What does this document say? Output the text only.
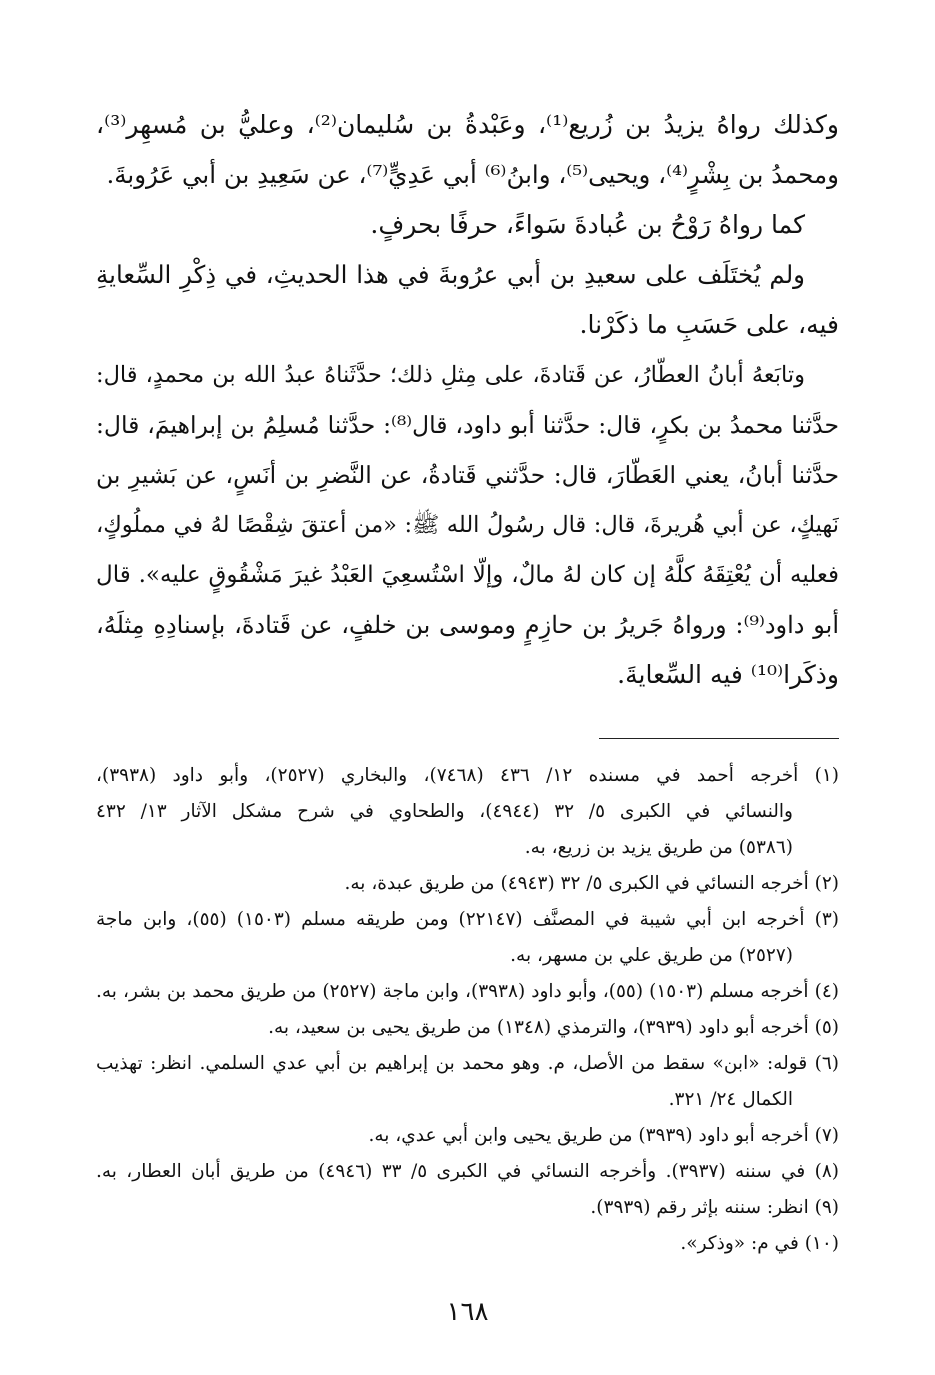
وكذلك رواهُ يزيدُ بن زُريع⁽¹⁾، وعَبْدةُ بن سُليمان⁽²⁾، وعليُّ بن مُسهِر⁽³⁾،
ومحمدُ بن بِشْرٍ⁽⁴⁾، ويحيى⁽⁵⁾، وابنُ⁽⁶⁾ أبي عَدِيٍّ⁽⁷⁾، عن سَعِيدِ بن أبي عَرُوبةَ.
كما رواهُ رَوْحُ بن عُبادةَ سَواءً، حرفًا بحرفٍ.
ولم يُختَلَف على سعيدِ بن أبي عرُوبةَ في هذا الحديثِ، في ذِكْرِ السِّعايةِ
فيه، على حَسَبِ ما ذكَرْنا.
وتابَعهُ أبانُ العطّارُ، عن قَتادةَ، على مِثلِ ذلك؛ حدَّثَناهُ عبدُ الله بن محمدٍ، قال:
حدَّثنا محمدُ بن بكرٍ، قال: حدَّثنا أبو داود، قال⁽⁸⁾: حدَّثنا مُسلِمُ بن إبراهيمَ، قال:
حدَّثنا أبانُ، يعني العَطّارَ، قال: حدَّثني قَتادةُ، عن النَّضرِ بن أنَسٍ، عن بَشيرِ بن
نَهيكٍ، عن أبي هُريرةَ، قال: قال رسُولُ الله ﷺ: «من أعتقَ شِقْصًا لهُ في مملُوكٍ،
فعليه أن يُعْتِقَهُ كلَّهُ إن كان لهُ مالٌ، وإلّا اسْتُسعِيَ العَبْدُ غيرَ مَشْقُوقٍ عليه». قال
أبو داود⁽⁹⁾: ورواهُ جَريرُ بن حازِمٍ وموسى بن خلفٍ، عن قَتادةَ، بإسنادِهِ مِثلَهُ،
وذكَرا⁽¹⁰⁾ فيه السِّعايةَ.
(١) أخرجه أحمد في مسنده ١٢/ ٤٣٦ (٧٤٦٨)، والبخاري (٢٥٢٧)، وأبو داود (٣٩٣٨)،
والنسائي في الكبرى ٥/ ٣٢ (٤٩٤٤)، والطحاوي في شرح مشكل الآثار ١٣/ ٤٣٢
(٥٣٨٦) من طريق يزيد بن زريع، به.
(٢) أخرجه النسائي في الكبرى ٥/ ٣٢ (٤٩٤٣) من طريق عبدة، به.
(٣) أخرجه ابن أبي شيبة في المصنَّف (٢٢١٤٧) ومن طريقه مسلم (١٥٠٣) (٥٥)، وابن ماجة
(٢٥٢٧) من طريق علي بن مسهر، به.
(٤) أخرجه مسلم (١٥٠٣) (٥٥)، وأبو داود (٣٩٣٨)، وابن ماجة (٢٥٢٧) من طريق محمد بن بشر، به.
(٥) أخرجه أبو داود (٣٩٣٩)، والترمذي (١٣٤٨) من طريق يحيى بن سعيد، به.
(٦) قوله: «ابن» سقط من الأصل، م. وهو محمد بن إبراهيم بن أبي عدي السلمي. انظر: تهذيب
الكمال ٢٤/ ٣٢١.
(٧) أخرجه أبو داود (٣٩٣٩) من طريق يحيى وابن أبي عدي، به.
(٨) في سننه (٣٩٣٧). وأخرجه النسائي في الكبرى ٥/ ٣٣ (٤٩٤٦) من طريق أبان العطار، به.
(٩) انظر: سننه بإثر رقم (٣٩٣٩).
(١٠) في م: «وذكر».
١٦٨
